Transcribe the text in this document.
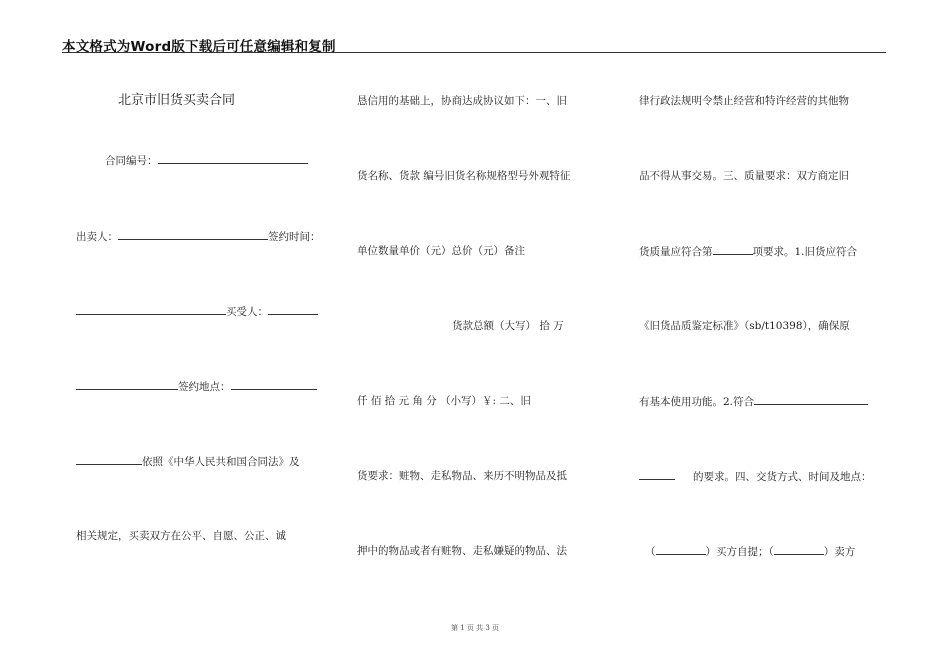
本文格式为Word版下载后可任意编辑和复制
北京市旧货买卖合同
合同编号：
出卖人：	签约时间：
买受人：
签约地点：
依照《中华人民共和国合同法》及
相关规定，买卖双方在公平、自愿、公正、诚
恳信用的基础上，协商达成协议如下：一、旧
货名称、货款 编号旧货名称规格型号外观特征
单位数量单价（元）总价（元）备注
货款总额（大写） 拾 万
仟 佰 拾 元 角 分 （小写）￥: 二、旧
货要求：赃物、走私物品、来历不明物品及抵
押中的物品或者有赃物、走私嫌疑的物品、法
律行政法规明令禁止经营和特许经营的其他物
品不得从事交易。三、质量要求：双方商定旧
货质量应符合第	项要求。1.旧货应符合
《旧货品质鉴定标准》（sb/t10398），确保原
有基本使用功能。2.符合
的要求。四、交货方式、时间及地点：
（	）买方自提；（	）卖方
第 1 页 共 3 页
